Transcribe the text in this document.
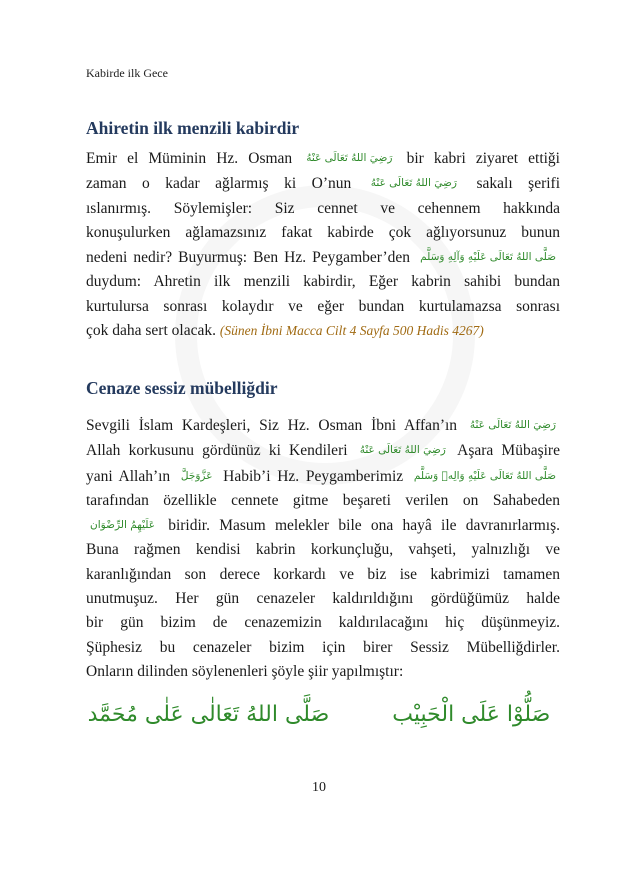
Kabirde ilk Gece
Ahiretin ilk menzili kabirdir
Emir el Müminin Hz. Osman رَضِيَ اللهُ تَعَالَى عَنْهُ bir kabri ziyaret ettiği
zaman o kadar ağlarmış ki O’nun رَضِيَ اللهُ تَعَالَى عَنْهُ sakalı şerifi
ıslanırmış. Söylemişler: Siz cennet ve cehennem hakkında
konuşulurken ağlamazsınız fakat kabirde çok ağlıyorsunuz bunun
nedeni nedir? Buyurmuş: Ben Hz. Peygamber’den صَلَّى اللهُ تَعَالَى عَلَيْهِ وَآلِهِ وَسَلَّم
duydum: Ahretin ilk menzili kabirdir, Eğer kabrin sahibi bundan
kurtulursa sonrası kolaydır ve eğer bundan kurtulamazsa sonrası
çok daha sert olacak. (Sünen İbni Macca Cilt 4 Sayfa 500 Hadis 4267)
Cenaze sessiz mübelliğdir
Sevgili İslam Kardeşleri, Siz Hz. Osman İbni Affan’ın رَضِيَ اللهُ تَعَالَى عَنْهُ
Allah korkusunu gördünüz ki Kendileri رَضِيَ اللهُ تَعَالَى عَنْهُ Aşara Mübaşire
yani Allah’ın عَزَّوَجَلَّ Habib’i Hz. Peygamberimiz صَلَّى اللهُ تَعَالَى عَلَيْهِ وَالِهٖ وَسَلَّم
tarafından özellikle cennete gitme beşareti verilen on Sahabeden
عَلَيْهِمُ الرِّضْوَان biridir. Masum melekler bile ona hayâ ile davranırlarmış.
Buna rağmen kendisi kabrin korkunçluğu, vahşeti, yalnızlığı ve
karanlığından son derece korkardı ve biz ise kabrimizi tamamen
unutmuşuz. Her gün cenazeler kaldırıldığını gördüğümüz halde
bir gün bizim de cenazemizin kaldırılacağını hiç düşünmeyiz.
Şüphesiz bu cenazeler bizim için birer Sessiz Mübelliğdirler.
Onların dilinden söylenenleri şöyle şiir yapılmıştır:
صَلُّوْا عَلَى الْحَبِيْب صَلَّى اللهُ تَعَالٰى عَلٰى مُحَمَّد
10
